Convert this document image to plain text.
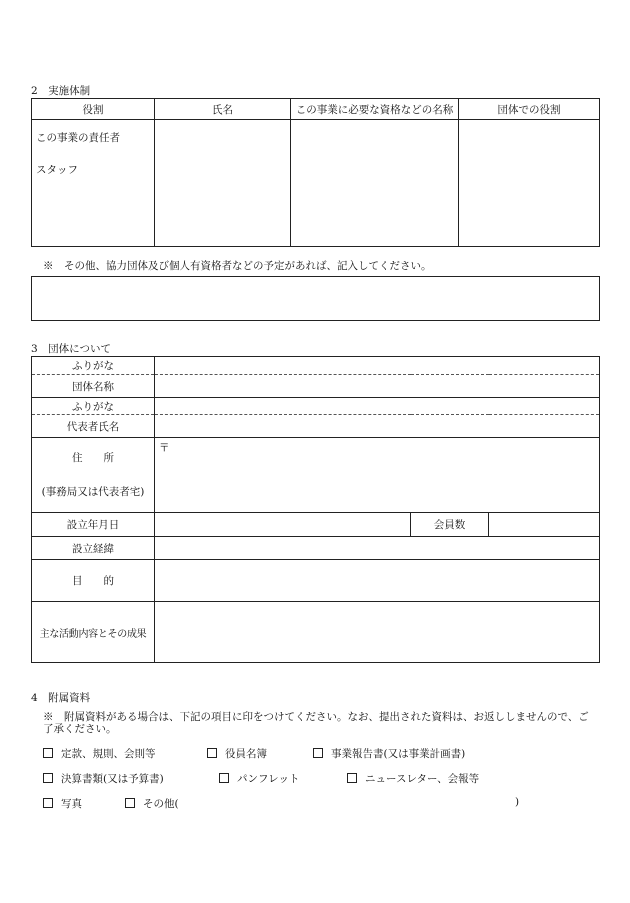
2　実施体制
役割	氏名	この事業に必要な資格などの名称	団体での役割

この事業の責任者
スタッフ			

※　その他、協力団体及び個人有資格者などの予定があれば、記入してください。
3　団体について
ふりがな			
団体名称			
ふりがな			
代表者氏名			

住　　所
(事務局又は代表者宅)	〒		
設立年月日		会員数	
設立経緯			
目　　的			
主な活動内容とその成果			
4　附属資料
※　附属資料がある場合は、下記の項目に印をつけてください。なお、提出された資料は、お返ししませんので、ご了承ください。
定款、規則、会則等	役員名簿	事業報告書(又は事業計画書)
決算書類(又は予算書)	パンフレット	ニュースレター、会報等
写真	その他(	)
